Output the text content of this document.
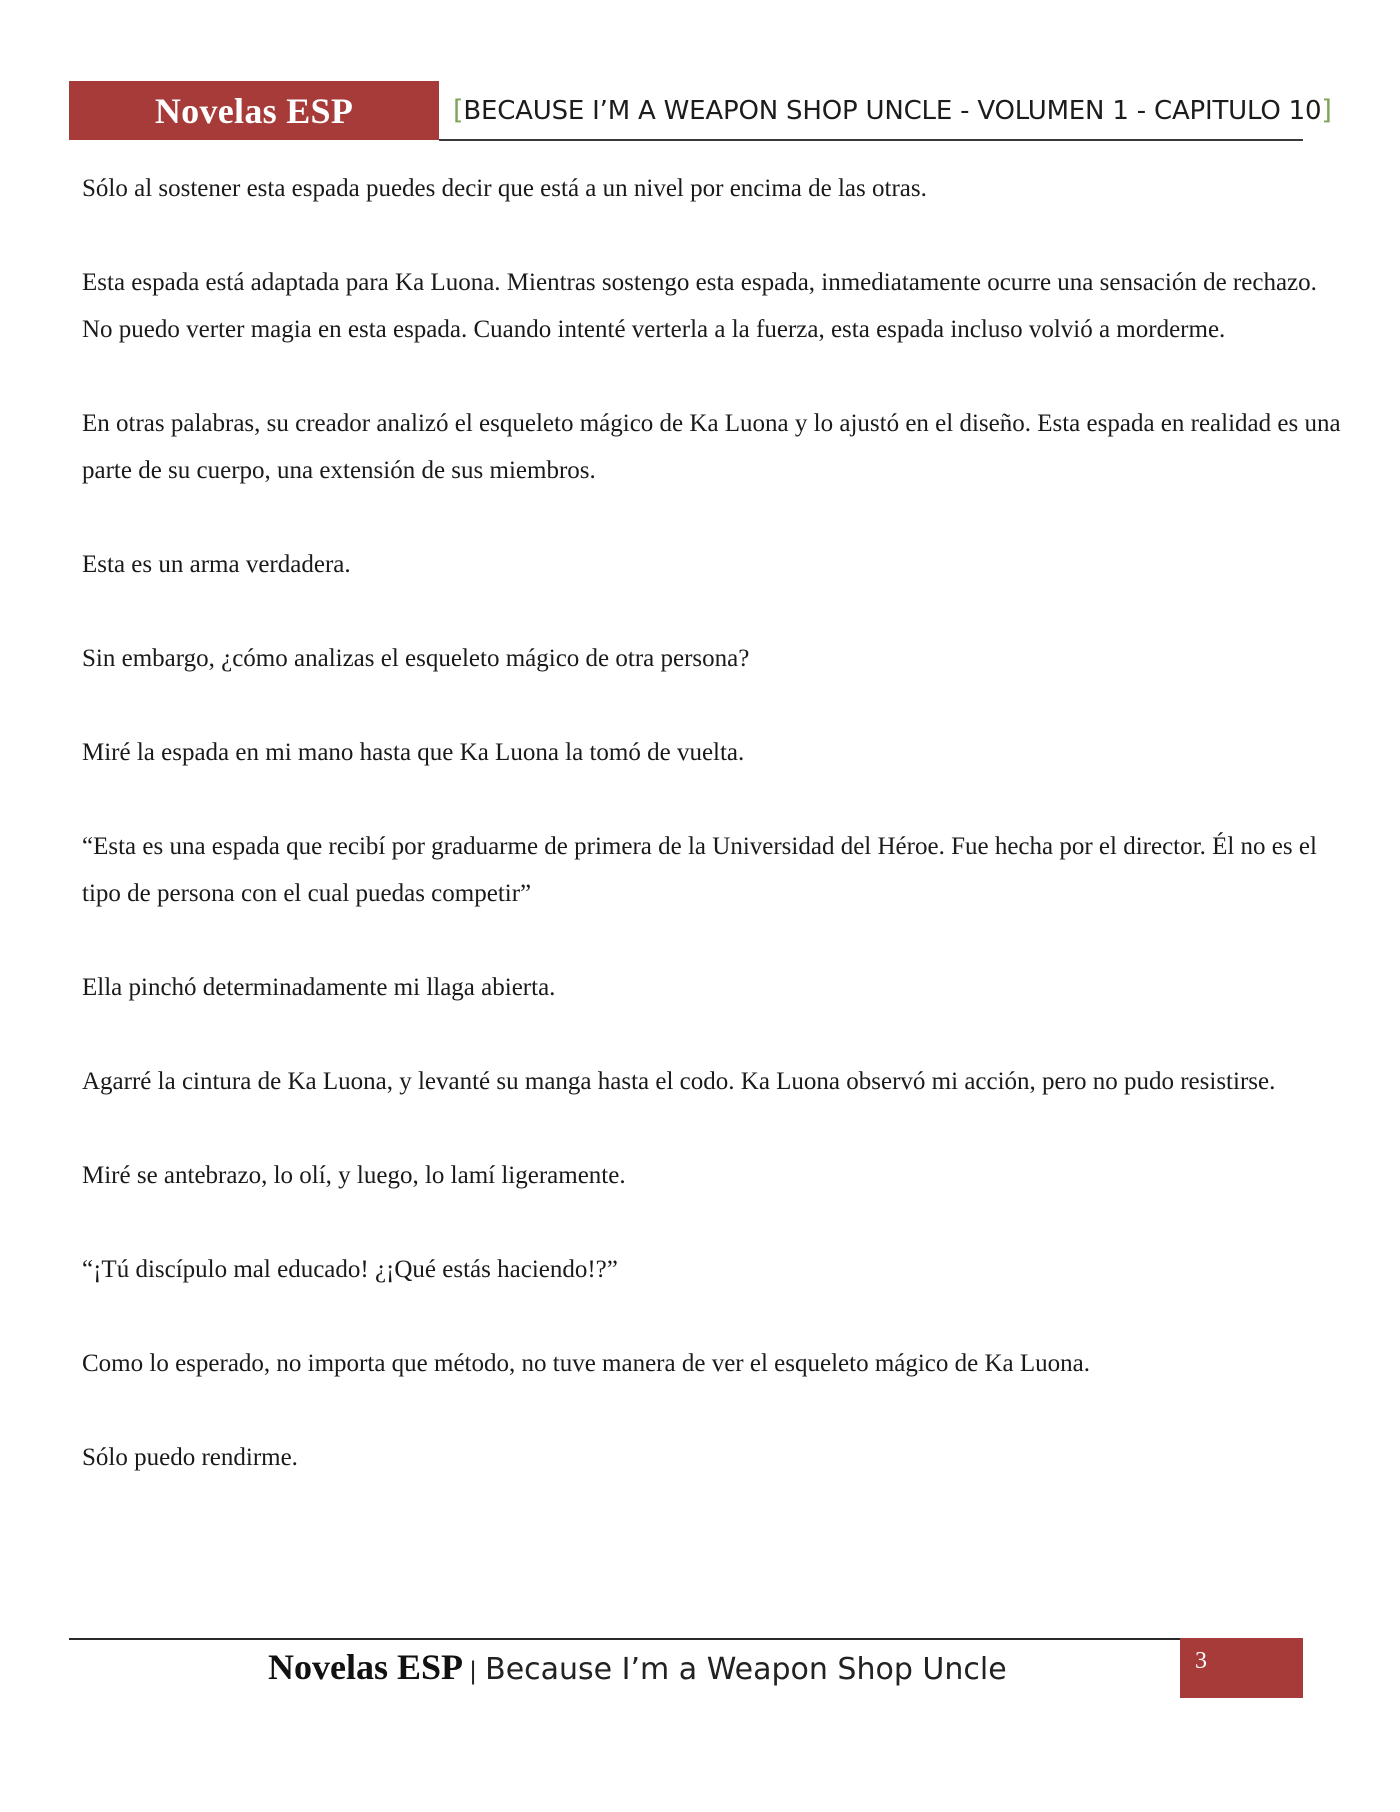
Novelas ESP	[BECAUSE I’M A WEAPON SHOP UNCLE - VOLUMEN 1 - CAPITULO 10]

Sólo al sostener esta espada puedes decir que está a un nivel por encima de las otras.

Esta espada está adaptada para Ka Luona. Mientras sostengo esta espada, inmediatamente ocurre una sensación de rechazo. No puedo verter magia en esta espada. Cuando intenté verterla a la fuerza, esta espada incluso volvió a morderme.

En otras palabras, su creador analizó el esqueleto mágico de Ka Luona y lo ajustó en el diseño. Esta espada en realidad es una parte de su cuerpo, una extensión de sus miembros.

Esta es un arma verdadera.

Sin embargo, ¿cómo analizas el esqueleto mágico de otra persona?

Miré la espada en mi mano hasta que Ka Luona la tomó de vuelta.

“Esta es una espada que recibí por graduarme de primera de la Universidad del Héroe. Fue hecha por el director. Él no es el tipo de persona con el cual puedas competir”

Ella pinchó determinadamente mi llaga abierta.

Agarré la cintura de Ka Luona, y levanté su manga hasta el codo. Ka Luona observó mi acción, pero no pudo resistirse.

Miré se antebrazo, lo olí, y luego, lo lamí ligeramente.

“¡Tú discípulo mal educado! ¿¡Qué estás haciendo!?”

Como lo esperado, no importa que método, no tuve manera de ver el esqueleto mágico de Ka Luona.

Sólo puedo rendirme.

Novelas ESP | Because I’m a Weapon Shop Uncle	3
